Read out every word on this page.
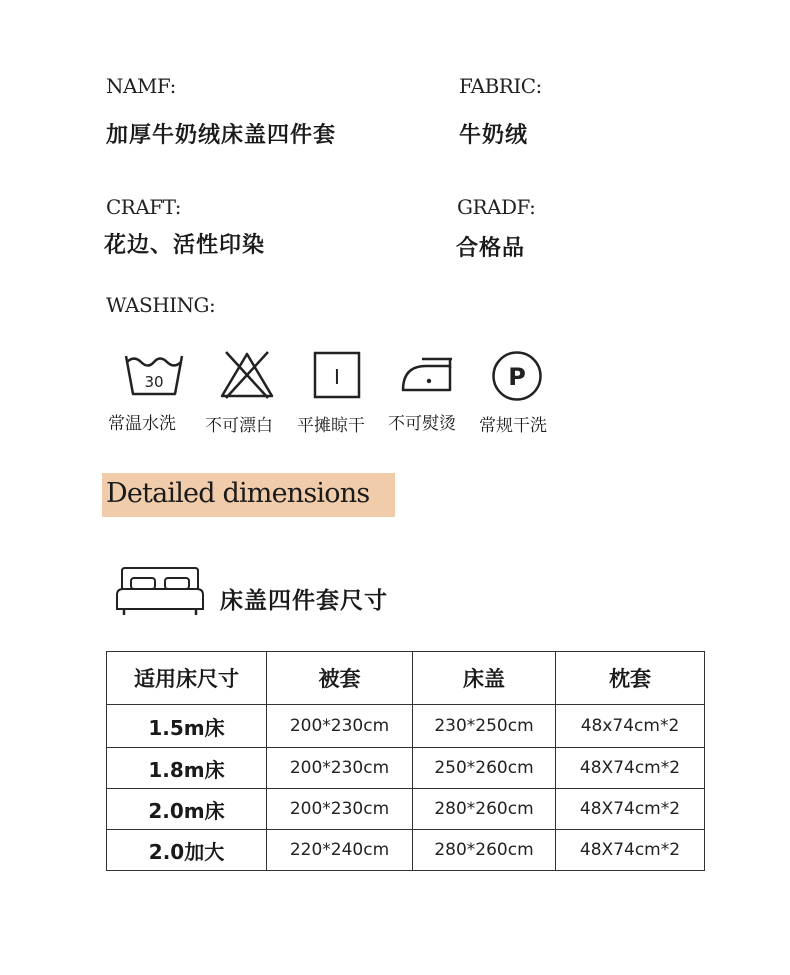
NAMF:
加厚牛奶绒床盖四件套
FABRIC:
牛奶绒
CRAFT:
花边、活性印染
GRADF:
合格品
WASHING:
30	I	P
常温水洗 不可漂白 平摊晾干 不可熨烫 常规干洗
Detailed dimensions
床盖四件套尺寸
适用床尺寸	被套	床盖	枕套
1.5m床	200*230cm	230*250cm	48x74cm*2
1.8m床	200*230cm	250*260cm	48X74cm*2
2.0m床	200*230cm	280*260cm	48X74cm*2
2.0加大	220*240cm	280*260cm	48X74cm*2
